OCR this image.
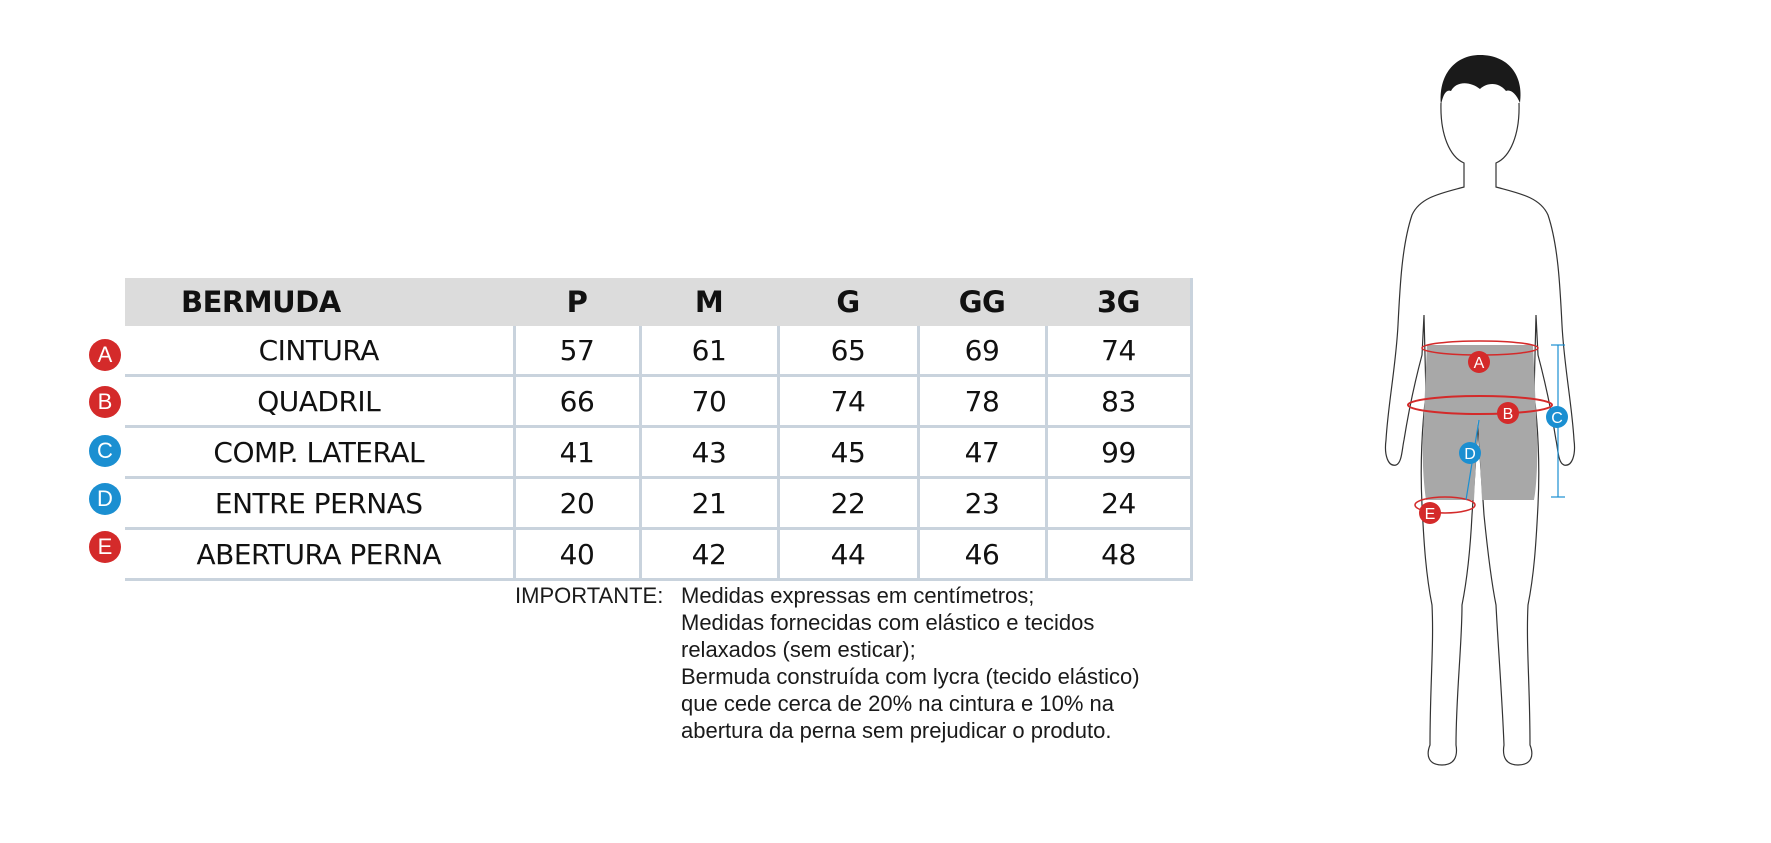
A
B
C
D
E
BERMUDA	P	M	G	GG	3G
CINTURA	57	61	65	69	74
QUADRIL	66	70	74	78	83
COMP. LATERAL	41	43	45	47	99
ENTRE PERNAS	20	21	22	23	24
ABERTURA PERNA	40	42	44	46	48
IMPORTANTE: Medidas expressas em centímetros;
Medidas fornecidas com elástico e tecidos
relaxados (sem esticar);
Bermuda construída com lycra (tecido elástico)
que cede cerca de 20% na cintura e 10% na
abertura da perna sem prejudicar o produto.
A
B C
D
E
